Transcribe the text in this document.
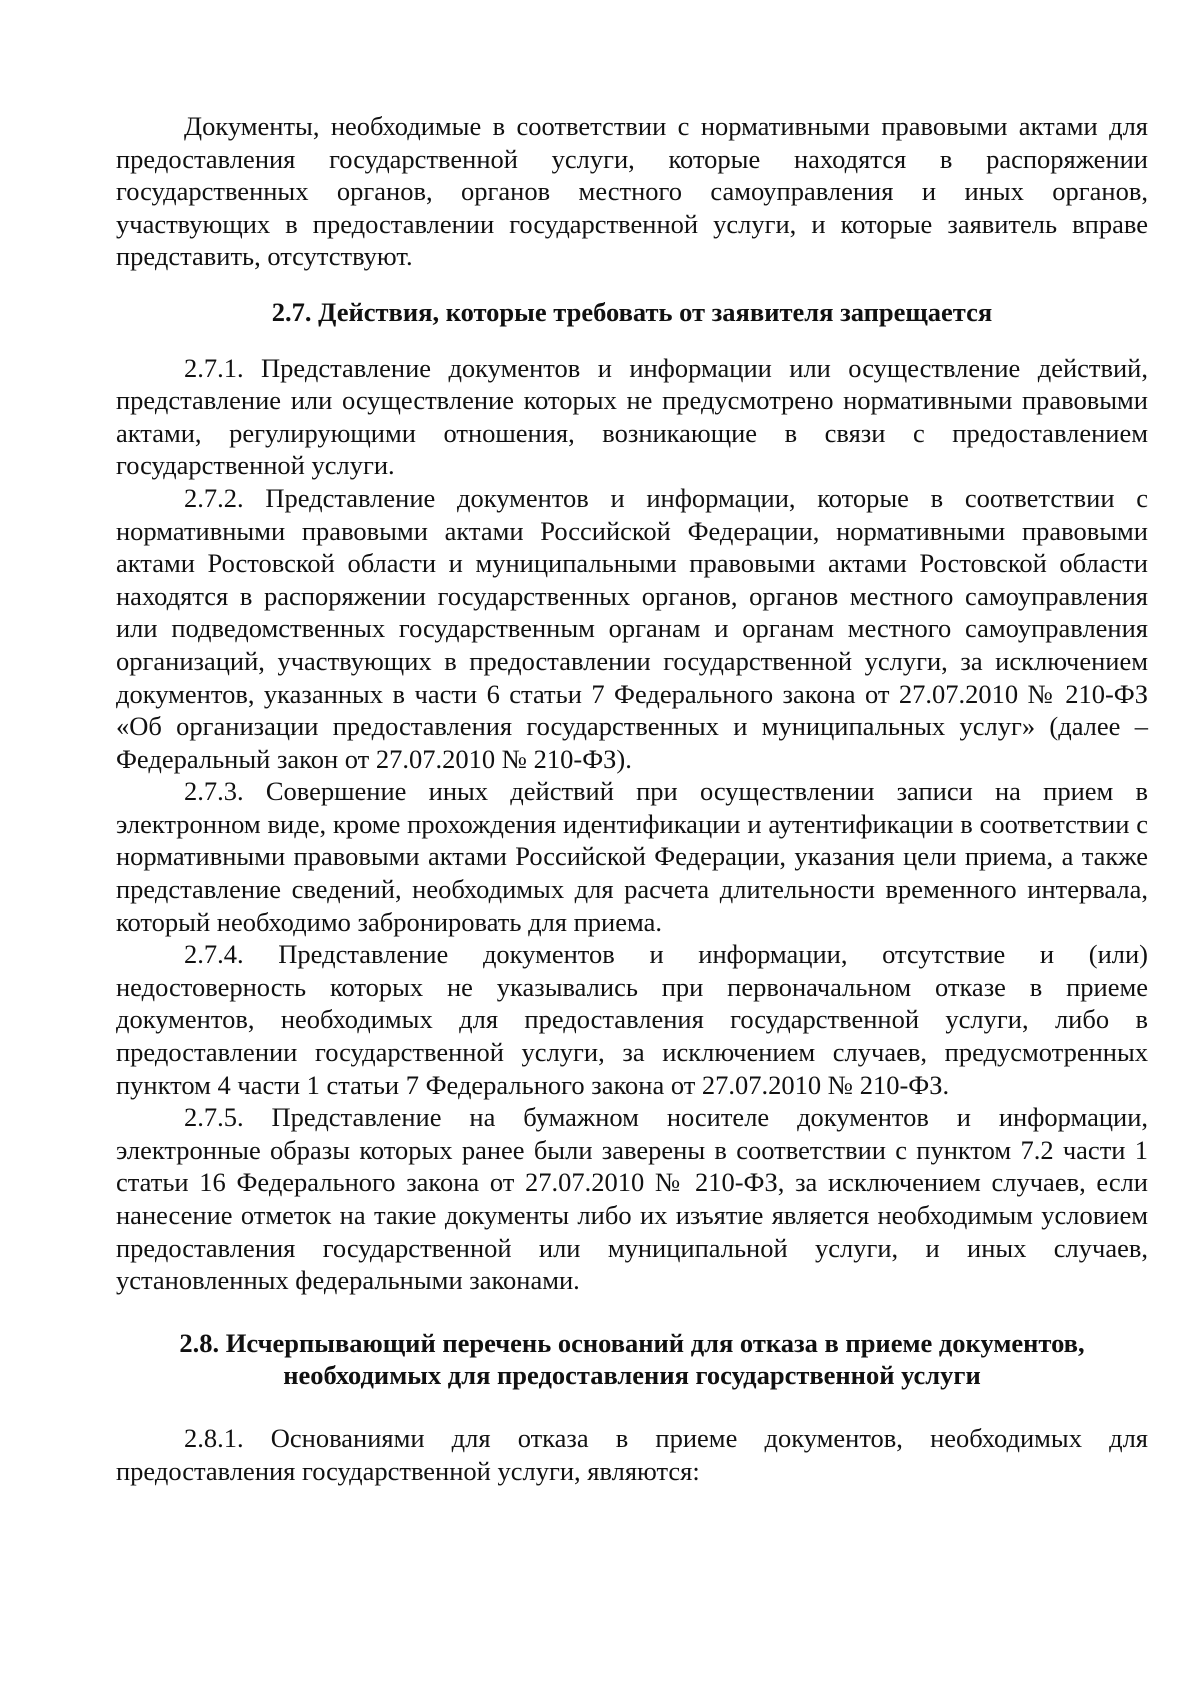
Документы, необходимые в соответствии с нормативными правовыми актами для предоставления государственной услуги, которые находятся в распоряжении государственных органов, органов местного самоуправления и иных органов, участвующих в предоставлении государственной услуги, и которые заявитель вправе представить, отсутствуют.

2.7. Действия, которые требовать от заявителя запрещается

2.7.1. Представление документов и информации или осуществление действий, представление или осуществление которых не предусмотрено нормативными правовыми актами, регулирующими отношения, возникающие в связи с предоставлением государственной услуги.

2.7.2. Представление документов и информации, которые в соответствии с нормативными правовыми актами Российской Федерации, нормативными правовыми актами Ростовской области и муниципальными правовыми актами Ростовской области находятся в распоряжении государственных органов, органов местного самоуправления или подведомственных государственным органам и органам местного самоуправления организаций, участвующих в предоставлении государственной услуги, за исключением документов, указанных в части 6 статьи 7 Федерального закона от 27.07.2010 № 210-ФЗ «Об организации предоставления государственных и муниципальных услуг» (далее – Федеральный закон от 27.07.2010 № 210-ФЗ).

2.7.3. Совершение иных действий при осуществлении записи на прием в электронном виде, кроме прохождения идентификации и аутентификации в соответствии с нормативными правовыми актами Российской Федерации, указания цели приема, а также представление сведений, необходимых для расчета длительности временного интервала, который необходимо забронировать для приема.

2.7.4. Представление документов и информации, отсутствие и (или) недостоверность которых не указывались при первоначальном отказе в приеме документов, необходимых для предоставления государственной услуги, либо в предоставлении государственной услуги, за исключением случаев, предусмотренных пунктом 4 части 1 статьи 7 Федерального закона от 27.07.2010 № 210-ФЗ.

2.7.5. Представление на бумажном носителе документов и информации, электронные образы которых ранее были заверены в соответствии с пунктом 7.2 части 1 статьи 16 Федерального закона от 27.07.2010 № 210-ФЗ, за исключением случаев, если нанесение отметок на такие документы либо их изъятие является необходимым условием предоставления государственной или муниципальной услуги, и иных случаев, установленных федеральными законами.

2.8. Исчерпывающий перечень оснований для отказа в приеме документов,
необходимых для предоставления государственной услуги

2.8.1. Основаниями для отказа в приеме документов, необходимых для предоставления государственной услуги, являются:
